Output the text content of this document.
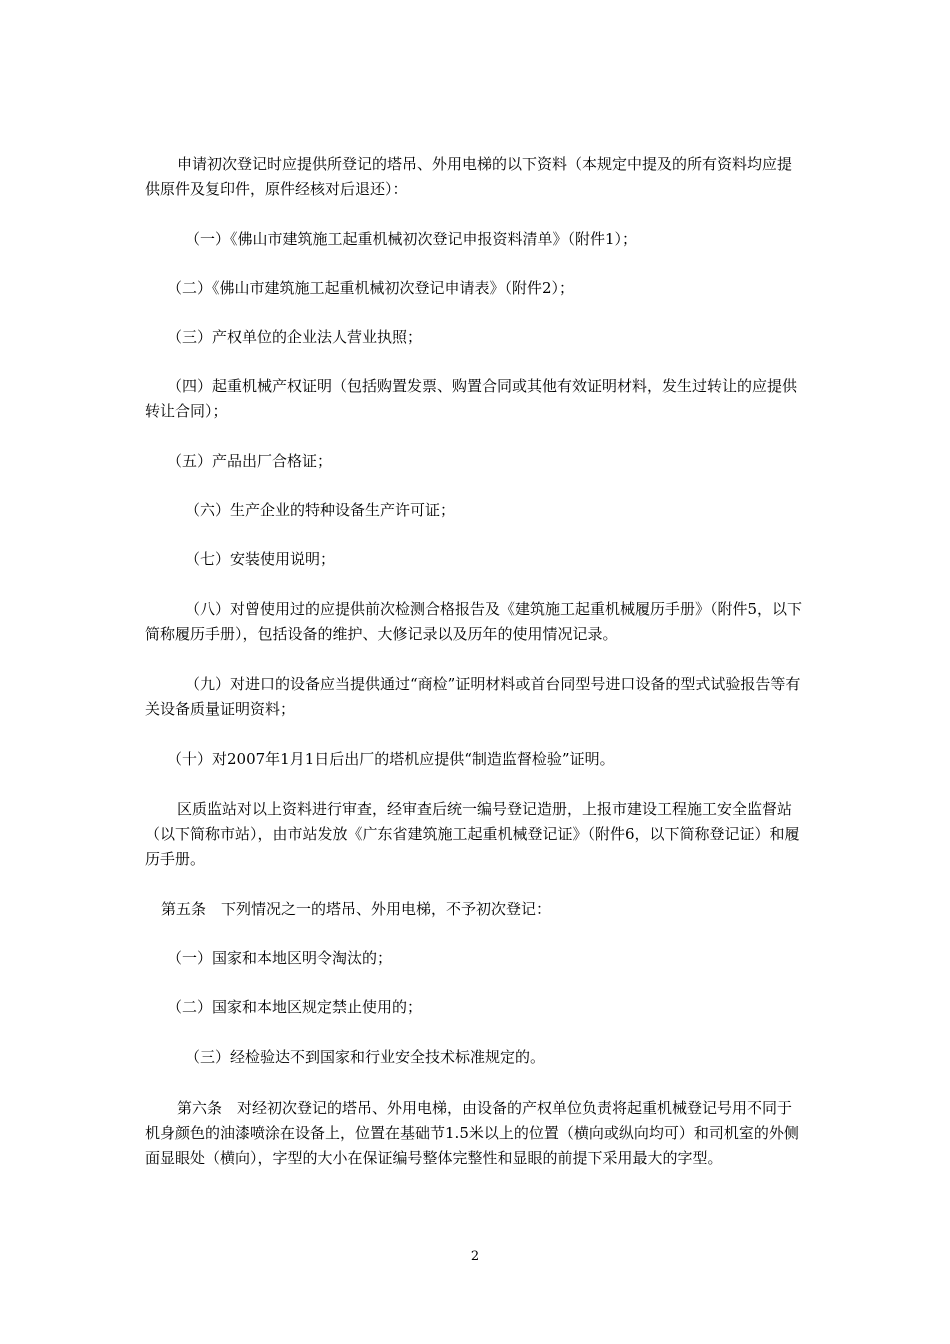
申请初次登记时应提供所登记的塔吊、外用电梯的以下资料（本规定中提及的所有资料均应提供原件及复印件，原件经核对后退还）：

（一）《佛山市建筑施工起重机械初次登记申报资料清单》（附件1）；

（二）《佛山市建筑施工起重机械初次登记申请表》（附件2）；

（三）产权单位的企业法人营业执照；

（四）起重机械产权证明（包括购置发票、购置合同或其他有效证明材料，发生过转让的应提供转让合同）；

（五）产品出厂合格证；

（六）生产企业的特种设备生产许可证；

（七）安装使用说明；

（八）对曾使用过的应提供前次检测合格报告及《建筑施工起重机械履历手册》（附件5，以下简称履历手册），包括设备的维护、大修记录以及历年的使用情况记录。

（九）对进口的设备应当提供通过“商检”证明材料或首台同型号进口设备的型式试验报告等有关设备质量证明资料；

（十）对2007年1月1日后出厂的塔机应提供“制造监督检验”证明。

区质监站对以上资料进行审查，经审查后统一编号登记造册，上报市建设工程施工安全监督站（以下简称市站），由市站发放《广东省建筑施工起重机械登记证》（附件6，以下简称登记证）和履历手册。

第五条　下列情况之一的塔吊、外用电梯，不予初次登记：

（一）国家和本地区明令淘汰的；

（二）国家和本地区规定禁止使用的；

（三）经检验达不到国家和行业安全技术标准规定的。

第六条　对经初次登记的塔吊、外用电梯，由设备的产权单位负责将起重机械登记号用不同于机身颜色的油漆喷涂在设备上，位置在基础节1.5米以上的位置（横向或纵向均可）和司机室的外侧面显眼处（横向），字型的大小在保证编号整体完整性和显眼的前提下采用最大的字型。

2
